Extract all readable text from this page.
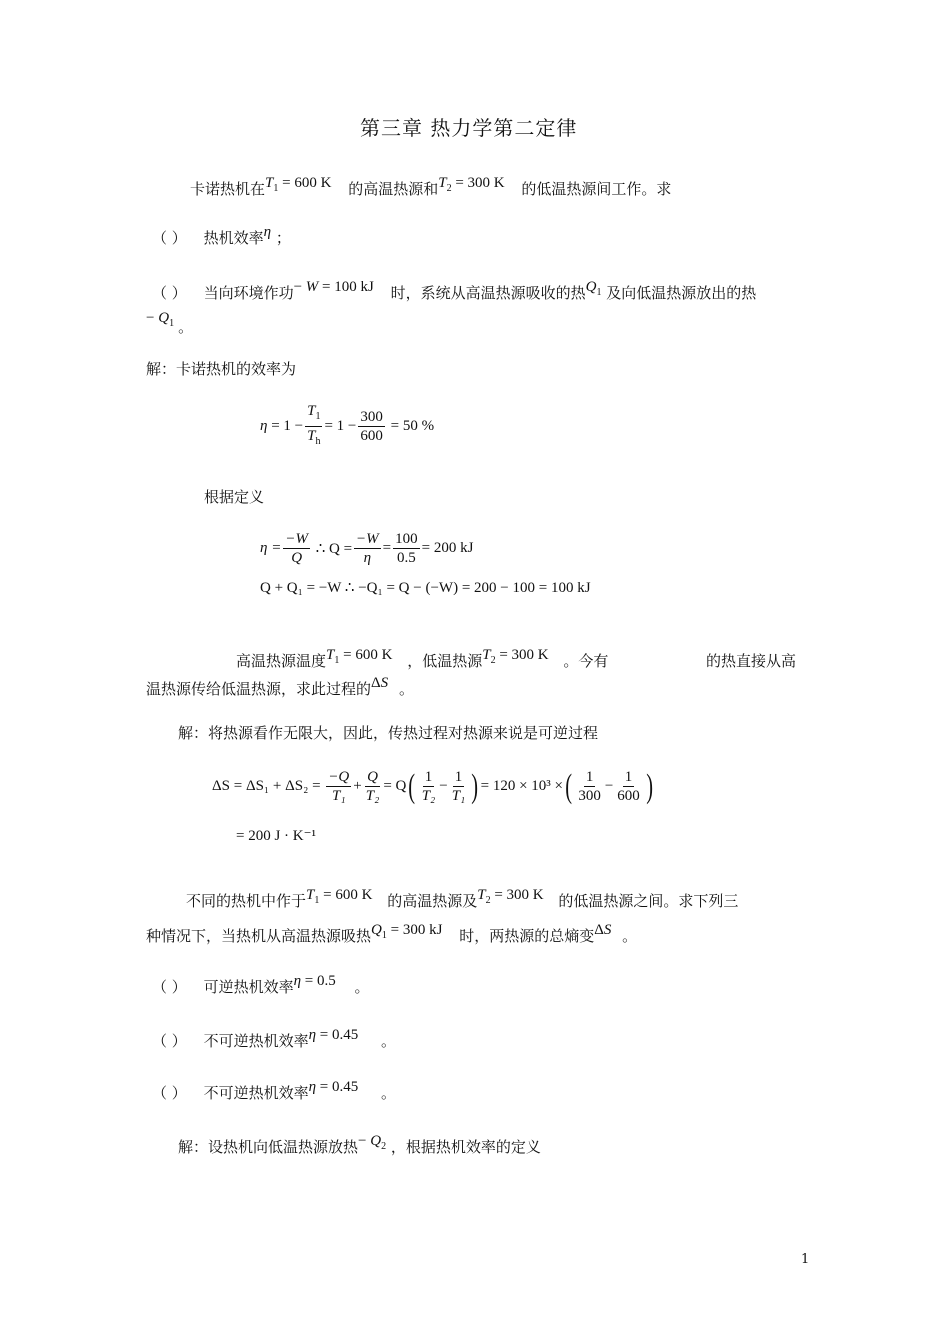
第三章 热力学第二定律
卡诺热机在$T_1 = 600$ K 的高温热源和$T_2 = 300$ K 的低温热源间工作。求
（ ） 热机效率η ；
（ ） 当向环境作功− W = 100 kJ 时，系统从高温热源吸收的热$Q_1$ 及向低温热源放出的热
− $Q_1$ 。
解：卡诺热机的效率为
$\eta = 1 - \frac{T_1}{T_h} = 1 - \frac{300}{600}$
= 50 %
根据定义
$\eta = \frac{-W}{Q}$
∴ $Q = \frac{-W}{\eta} = \frac{100}{0.5} = 200$ kJ
Q + Q₁ = −W ∴ −Q₁ = Q − (−W) = 200 − 100 = 100 kJ
高温热源温度$T_1 = 600$ K ，低温热源$T_2 = 300$ K 。今有	的热直接从高
温热源传给低温热源，求此过程的ΔS 。
解：将热源看作无限大，因此，传热过程对热源来说是可逆过程
ΔS = ΔS₁ + ΔS₂ =
$\frac{-Q}{\text{T₁}} + \frac{Q}{\text{T₂}} = Q$ ( $\frac{1}{\text{T₂}} - \frac{1}{\text{T₁}}$ ) = 120 × 10³ × ( $\frac{1}{300} - \frac{1}{600}$ )
= 200 J · K⁻¹
不同的热机中作于$T_1 = 600$ K 的高温热源及$T_2 = 300$ K 的低温热源之间。求下列三
种情况下，当热机从高温热源吸热$Q_1 = 300$ kJ 时，两热源的总熵变ΔS 。
（ ） 可逆热机效率η = 0.5 。
（ ） 不可逆热机效率η = 0.45 。
（ ） 不可逆热机效率η = 0.45 。
解：设热机向低温热源放热− $Q_2$ ，根据热机效率的定义
1
